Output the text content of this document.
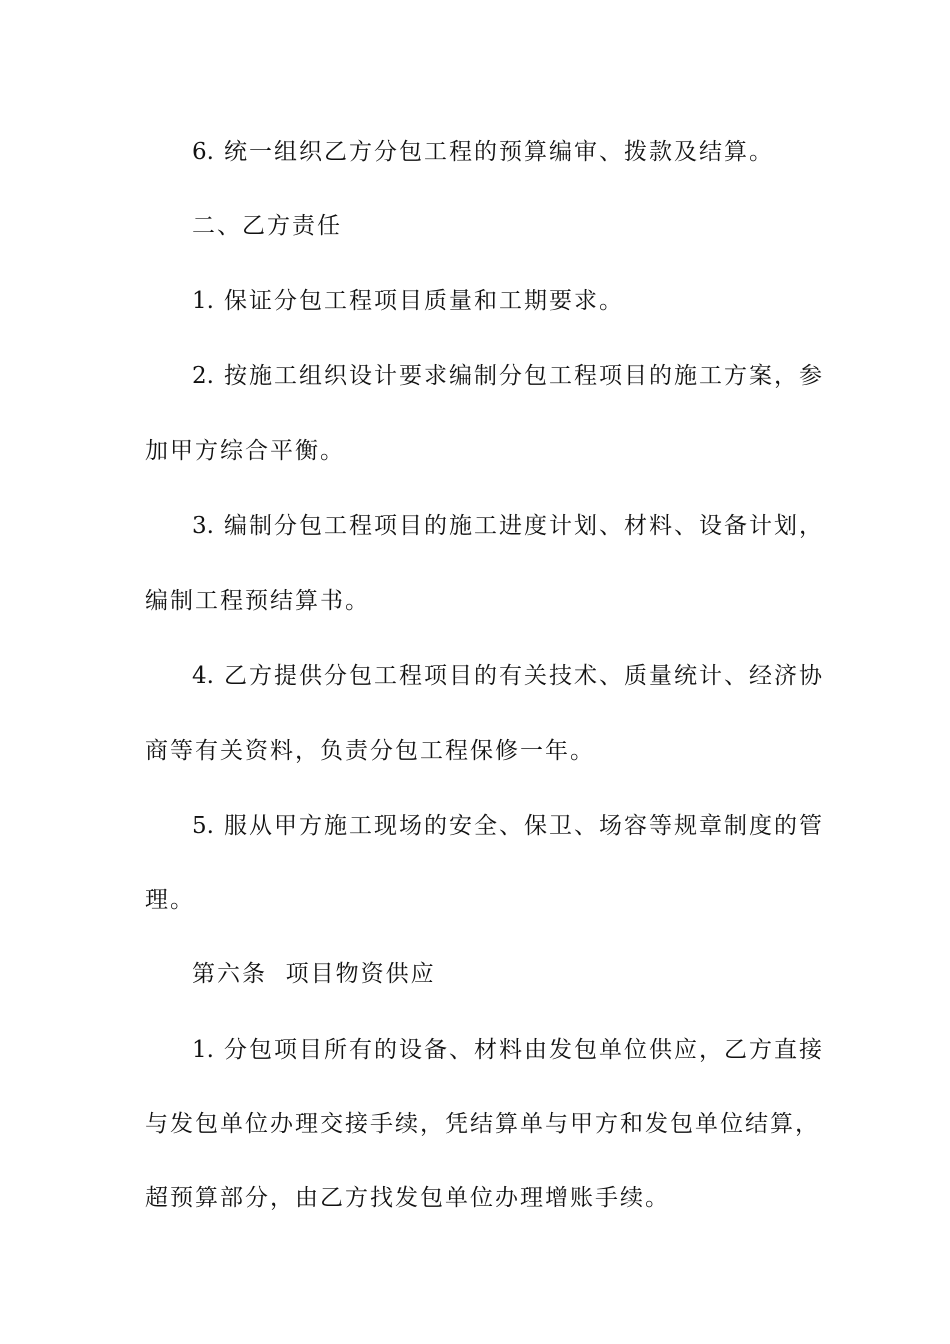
6. 统一组织乙方分包工程的预算编审、拨款及结算。
二、乙方责任
1. 保证分包工程项目质量和工期要求。
2. 按施工组织设计要求编制分包工程项目的施工方案，参
加甲方综合平衡。
3. 编制分包工程项目的施工进度计划、材料、设备计划，
编制工程预结算书。
4. 乙方提供分包工程项目的有关技术、质量统计、经济协
商等有关资料，负责分包工程保修一年。
5. 服从甲方施工现场的安全、保卫、场容等规章制度的管
理。
第六条  项目物资供应
1. 分包项目所有的设备、材料由发包单位供应，乙方直接
与发包单位办理交接手续，凭结算单与甲方和发包单位结算，
超预算部分，由乙方找发包单位办理增账手续。
